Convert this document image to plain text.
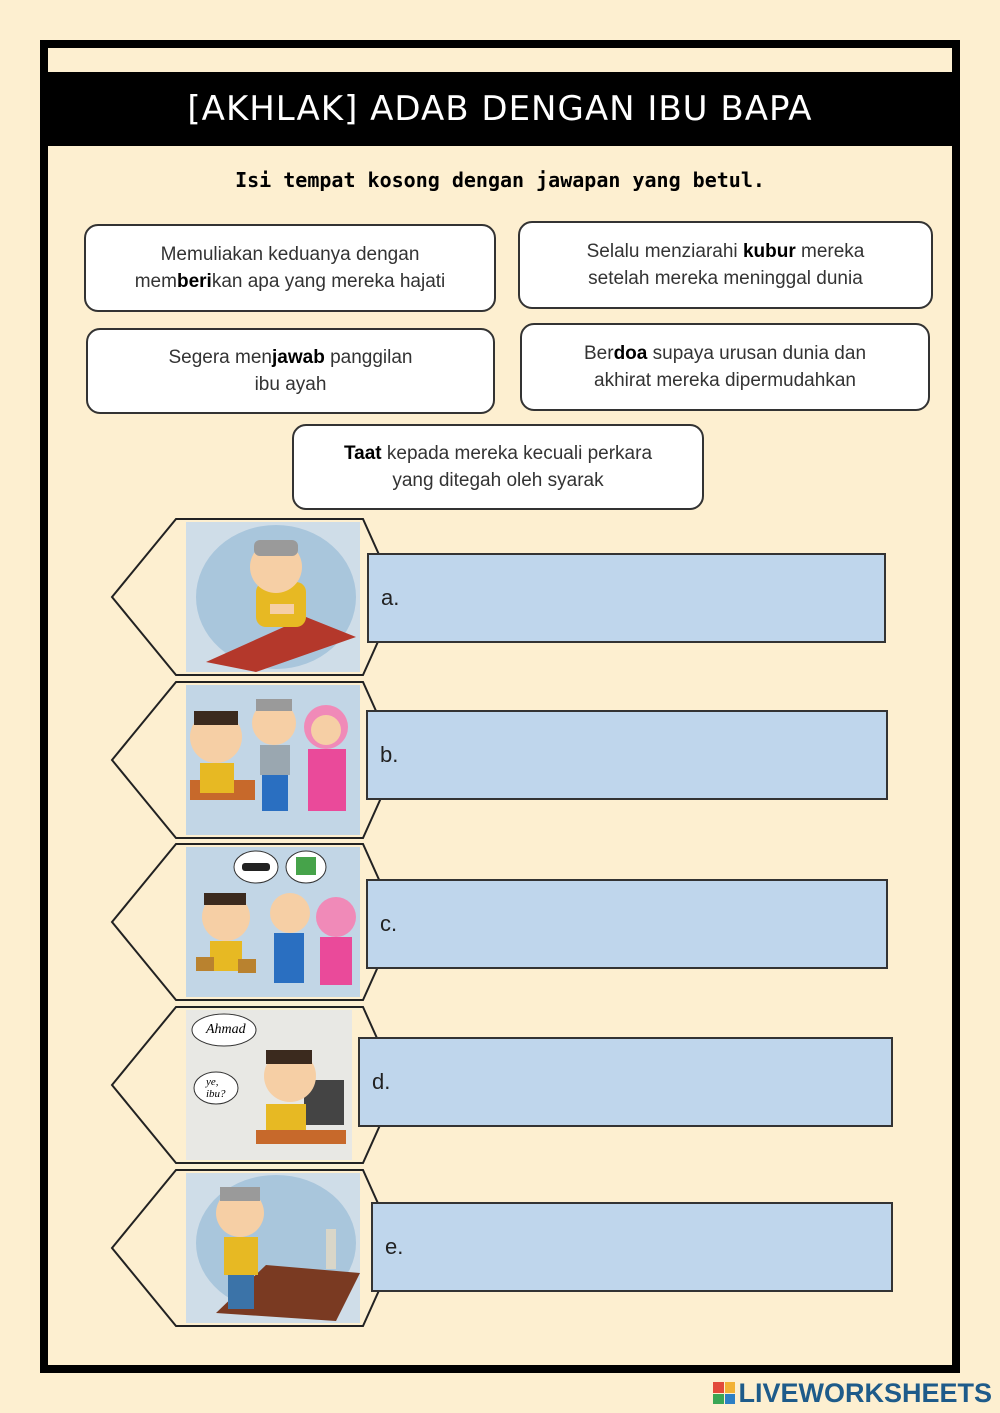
[AKHLAK] ADAB DENGAN IBU BAPA
Isi tempat kosong dengan jawapan yang betul.
Memuliakan keduanya dengan
memberikan apa yang mereka hajati
Selalu menziarahi kubur mereka
setelah mereka meninggal dunia
Segera menjawab panggilan
ibu ayah
Berdoa supaya urusan dunia dan
akhirat mereka dipermudahkan
Taat kepada mereka kecuali perkara
yang ditegah oleh syarak
a.
b.
c.
Ahmad
ye,
ibu?	d.
e.
LIVEWORKSHEETS
